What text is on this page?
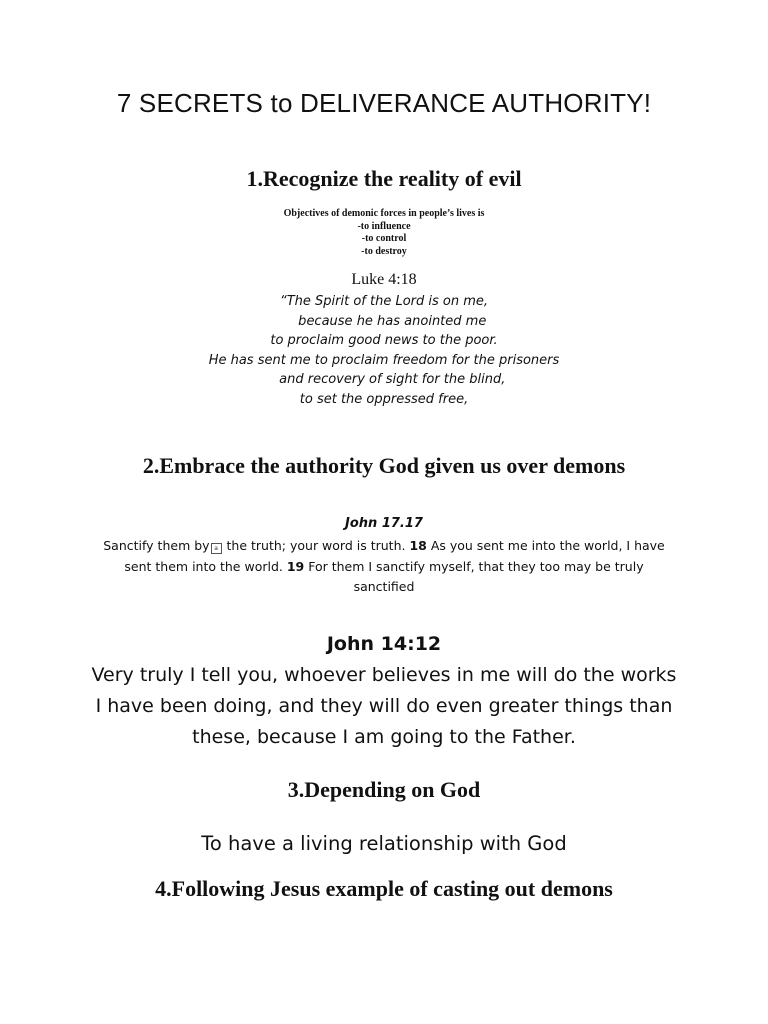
7 SECRETS to DELIVERANCE AUTHORITY!
1.Recognize the reality of evil
Objectives of demonic forces in people’s lives is
-to influence
-to control
-to destroy
Luke 4:18
“The Spirit of the Lord is on me,
because he has anointed me
to proclaim good news to the poor.
He has sent me to proclaim freedom for the prisoners
and recovery of sight for the blind,
to set the oppressed free,
2.Embrace the authority God given us over demons
John 17.17
Sanctify them by a the truth; your word is truth. 18 As you sent me into the world, I have sent them into the world. 19 For them I sanctify myself, that they too may be truly sanctified
John 14:12
Very truly I tell you, whoever believes in me will do the works I have been doing, and they will do even greater things than these, because I am going to the Father.
3.Depending on God
To have a living relationship with God
4.Following Jesus example of casting out demons
